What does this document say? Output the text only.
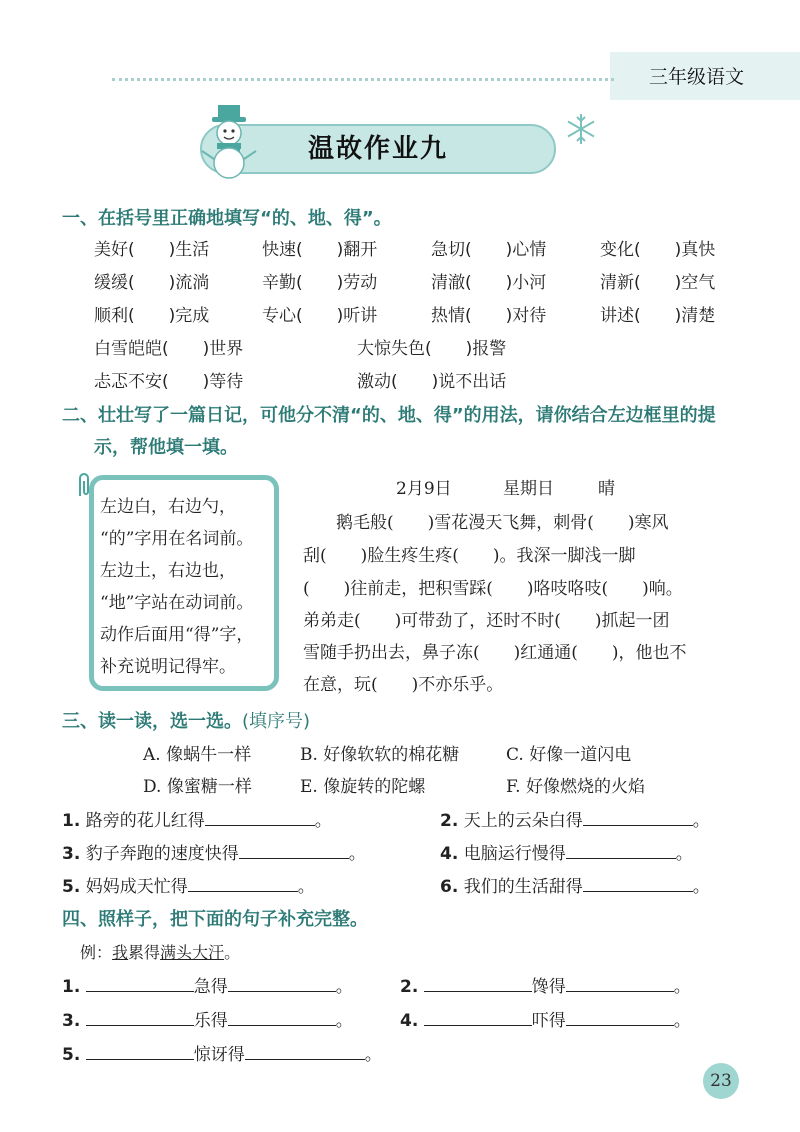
三年级语文
温故作业九
一、在括号里正确地填写“的、地、得”。
美好(　　)生活	快速(　　)翻开	急切(　　)心情	变化(　　)真快
缓缓(　　)流淌	辛勤(　　)劳动	清澈(　　)小河	清新(　　)空气
顺利(　　)完成	专心(　　)听讲	热情(　　)对待	讲述(　　)清楚
白雪皑皑(　　)世界	大惊失色(　　)报警
忐忑不安(　　)等待	激动(　　)说不出话
二、壮壮写了一篇日记，可他分不清“的、地、得”的用法，请你结合左边框里的提
示，帮他填一填。
左边白，右边勺，
“的”字用在名词前。
左边土，右边也，
“地”字站在动词前。
动作后面用“得”字，
补充说明记得牢。
2月9日	星期日	晴
鹅毛般(　　)雪花漫天飞舞，刺骨(　　)寒风
刮(　　)脸生疼生疼(　　)。我深一脚浅一脚
(　　)往前走，把积雪踩(　　)咯吱咯吱(　　)响。
弟弟走(　　)可带劲了，还时不时(　　)抓起一团
雪随手扔出去，鼻子冻(　　)红通通(　　)，他也不
在意，玩(　　)不亦乐乎。
三、读一读，选一选。(填序号)
A. 像蜗牛一样	B. 好像软软的棉花糖	C. 好像一道闪电
D. 像蜜糖一样	E. 像旋转的陀螺	F. 好像燃烧的火焰
1. 路旁的花儿红得	。	2. 天上的云朵白得	。
3. 豹子奔跑的速度快得	。	4. 电脑运行慢得	。
5. 妈妈成天忙得	。	6. 我们的生活甜得	。
四、照样子，把下面的句子补充完整。
例：我累得满头大汗。
1.	急得	。	2.	馋得	。
3.	乐得	。	4.	吓得	。
5.	惊讶得	。
23
